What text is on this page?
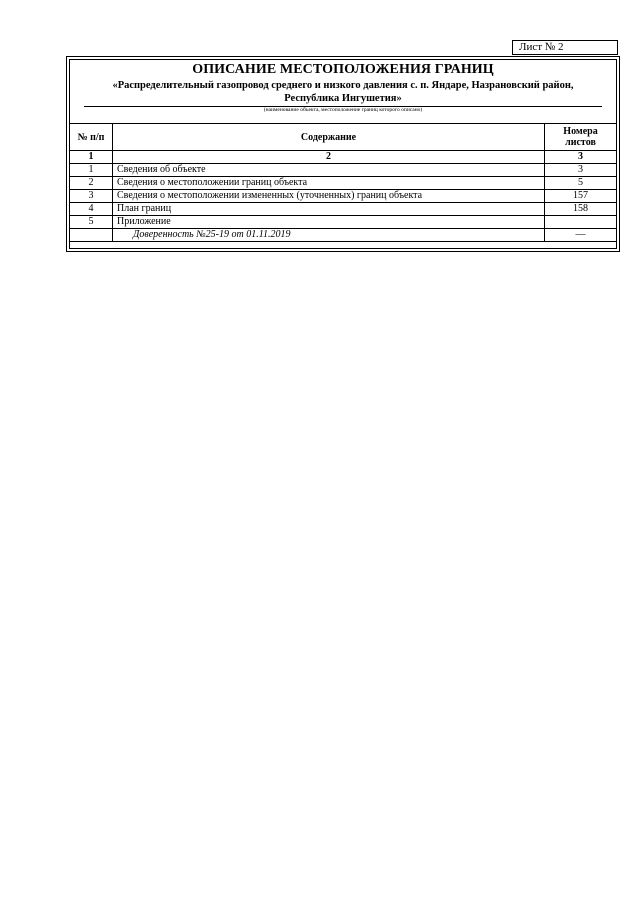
Лист № 2
ОПИСАНИЕ МЕСТОПОЛОЖЕНИЯ ГРАНИЦ
«Распределительный газопровод среднего и низкого давления с. п. Яндаре, Назрановский район, Республика Ингушетия»
(наименование объекта, местоположение границ которого описано)
№ п/п	Содержание	Номера листов
1	2	3
1	Сведения об объекте	3
2	Сведения о местоположении границ объекта	5
3	Сведения о местоположении измененных (уточненных) границ объекта	157
4	План границ	158
5	Приложение	
	Доверенность №25-19 от 01.11.2019	—
